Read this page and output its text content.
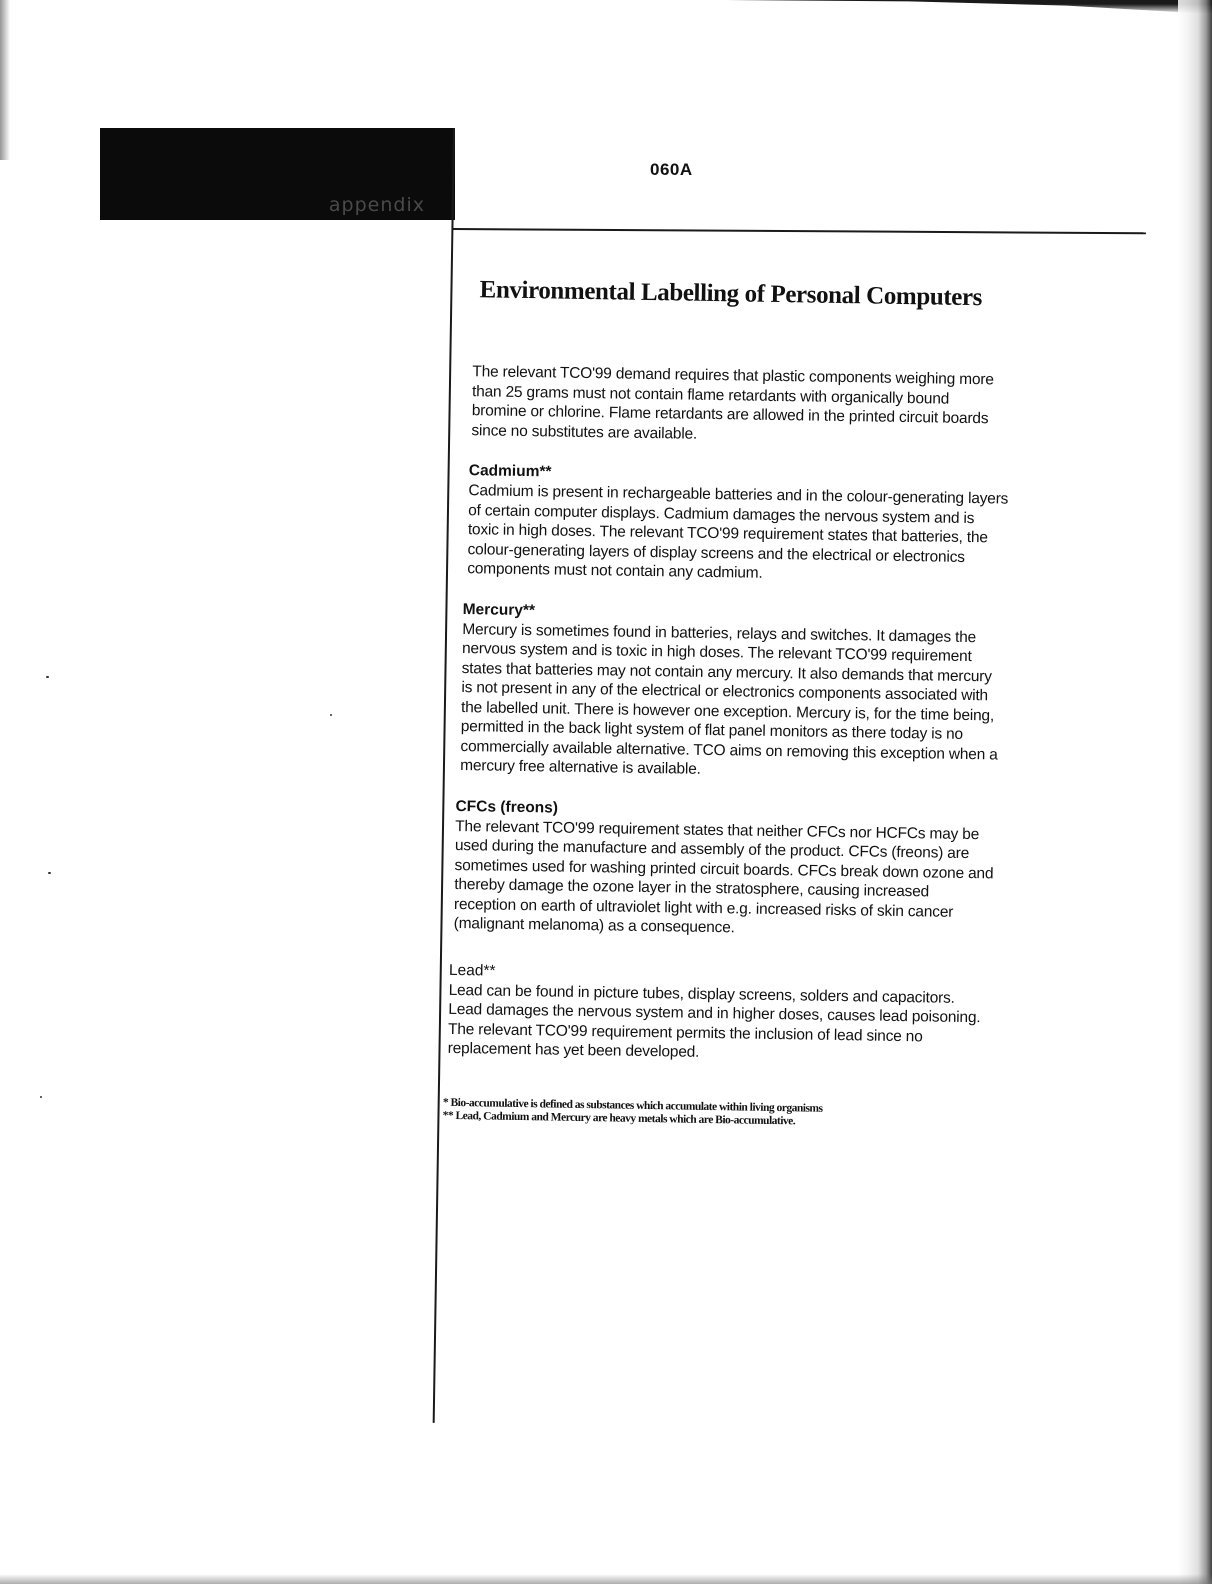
appendix
060A
Environmental Labelling of Personal Computers

The relevant TCO'99 demand requires that plastic components weighing more than 25 grams must not contain flame retardants with organically bound bromine or chlorine. Flame retardants are allowed in the printed circuit boards since no substitutes are available.

Cadmium**

Cadmium is present in rechargeable batteries and in the colour-generating layers of certain computer displays. Cadmium damages the nervous system and is toxic in high doses. The relevant TCO'99 requirement states that batteries, the colour-generating layers of display screens and the electrical or electronics components must not contain any cadmium.

Mercury**

Mercury is sometimes found in batteries, relays and switches. It damages the nervous system and is toxic in high doses. The relevant TCO'99 requirement states that batteries may not contain any mercury. It also demands that mercury is not present in any of the electrical or electronics components associated with the labelled unit. There is however one exception. Mercury is, for the time being, permitted in the back light system of flat panel monitors as there today is no commercially available alternative. TCO aims on removing this exception when a mercury free alternative is available.

CFCs (freons)

The relevant TCO'99 requirement states that neither CFCs nor HCFCs may be used during the manufacture and assembly of the product. CFCs (freons) are sometimes used for washing printed circuit boards. CFCs break down ozone and thereby damage the ozone layer in the stratosphere, causing increased reception on earth of ultraviolet light with e.g. increased risks of skin cancer (malignant melanoma) as a consequence.

Lead**

Lead can be found in picture tubes, display screens, solders and capacitors. Lead damages the nervous system and in higher doses, causes lead poisoning. The relevant TCO'99 requirement permits the inclusion of lead since no replacement has yet been developed.

* Bio-accumulative is defined as substances which accumulate within living organisms

** Lead, Cadmium and Mercury are heavy metals which are Bio-accumulative.
